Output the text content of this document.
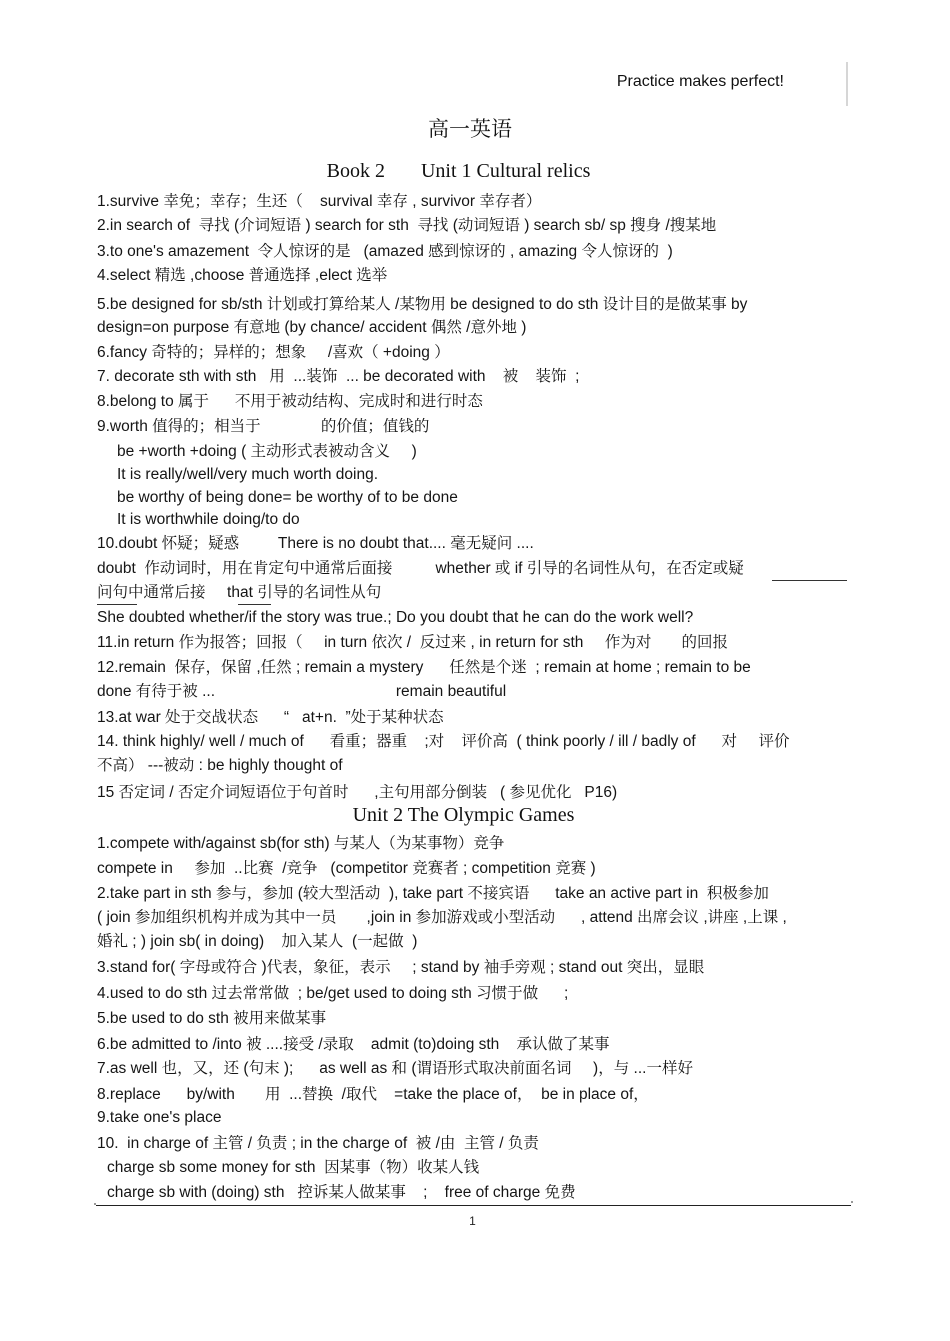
Practice makes perfect!
高一英语
Book 2 Unit 1 Cultural relics
1.survive 幸免；幸存；生还（    survival 幸存 , survivor 幸存者）
2.in search of  寻找 (介词短语 ) search for sth  寻找 (动词短语 ) search sb/ sp 搜身 /搜某地
3.to one's amazement  令人惊讶的是   (amazed 感到惊讶的 , amazing 令人惊讶的  )
4.select 精选 ,choose 普通选择 ,elect 选举
5.be designed for sb/sth 计划或打算给某人 /某物用 be designed to do sth 设计目的是做某事 by
design=on purpose 有意地 (by chance/ accident 偶然 /意外地 )
6.fancy 奇特的；异样的；想象     /喜欢（ +doing ）
7. decorate sth with sth   用  ...装饰  ... be decorated with    被    装饰  ;
8.belong to 属于      不用于被动结构、完成时和进行时态
9.worth 值得的；相当于              的价值；值钱的
be +worth +doing ( 主动形式表被动含义     )
It is really/well/very much worth doing.
be worthy of being done= be worthy of to be done
It is worthwhile doing/to do
10.doubt 怀疑；疑惑         There is no doubt that.... 毫无疑问 ....
doubt  作动词时，用在肯定句中通常后面接          whether 或 if 引导的名词性从句，在否定或疑
问句中通常后接     that 引导的名词性从句
She doubted whether/if the story was true.; Do you doubt that he can do the work well?
11.in return 作为报答；回报（     in turn 依次 /  反过来 , in return for sth     作为对       的回报
12.remain  保存，保留 ,任然 ; remain a mystery      任然是个迷  ; remain at home ; remain to be
done 有待于被 ...                                          remain beautiful
13.at war 处于交战状态      “   at+n.  ”处于某种状态
14. think highly/ well / much of      看重；器重    ;对    评价高  ( think poorly / ill / badly of      对     评价
不高） ---被动 : be highly thought of
15 否定词 / 否定介词短语位于句首时      ,主句用部分倒装   ( 参见优化   P16)
Unit 2 The Olympic Games
1.compete with/against sb(for sth) 与某人（为某事物）竞争
compete in     参加  ..比赛  /竞争   (competitor 竞赛者 ; competition 竞赛 )
2.take part in sth 参与，参加 (较大型活动  ), take part 不接宾语      take an active part in  积极参加
( join 参加组织机构并成为其中一员       ,join in 参加游戏或小型活动      , attend 出席会议 ,讲座 ,上课 ,
婚礼 ; ) join sb( in doing)    加入某人  (一起做  )
3.stand for( 字母或符合 )代表，象征，表示     ; stand by 袖手旁观 ; stand out 突出，显眼
4.used to do sth 过去常常做  ; be/get used to doing sth 习惯于做      ;
5.be used to do sth 被用来做某事
6.be admitted to /into 被 ....接受 /录取    admit (to)doing sth    承认做了某事
7.as well 也，又，还 (句末 );      as well as 和 (谓语形式取决前面名词     )，与 ...一样好
8.replace      by/with       用  ...替换  /取代    =take the place of，  be in place of，
9.take one's place
10.  in charge of 主管 / 负责 ; in the charge of  被 /由  主管 / 负责
charge sb some money for sth  因某事（物）收某人钱
charge sb with (doing) sth   控诉某人做某事    ;    free of charge 免费
1
